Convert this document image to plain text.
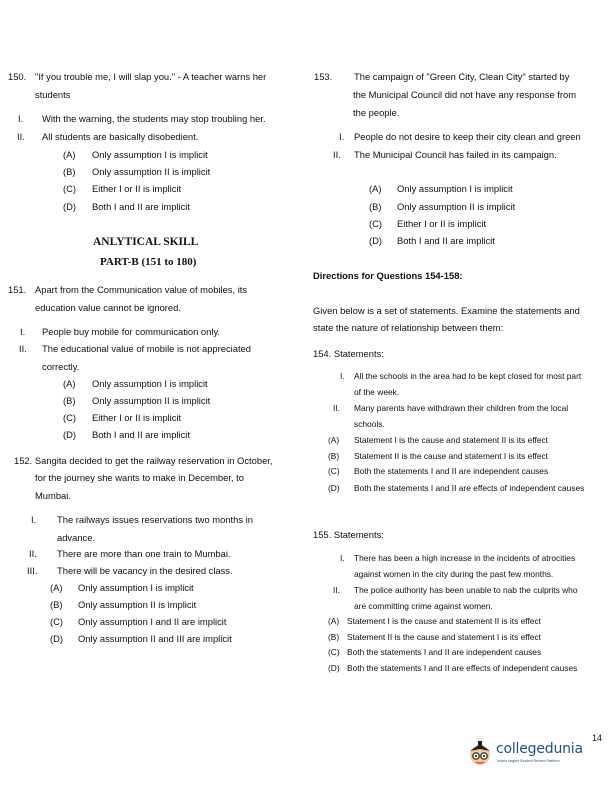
150. "If you trouble me, I will slap you." - A teacher warns her
students
I. With the warning, the students may stop troubling her.
II. All students are basically disobedient.
(A) Only assumption I is implicit
(B) Only assumption II is implicit
(C) Either I or II is implicit
(D) Both I and II are implicit
ANLYTICAL SKILL
PART-B (151 to 180)
151. Apart from the Communication value of mobiles, its
education value cannot be ignored.
I. People buy mobile for communication only.
II. The educational value of mobile is not appreciated
correctly.
(A) Only assumption I is implicit
(B) Only assumption II is implicit
(C) Either I or II is implicit
(D) Both I and II are implicit
152. Sangita decided to get the railway reservation in October,
for the journey she wants to make in December, to
Mumbai.
I. The railways issues reservations two months in
advance.
II. There are more than one train to Mumbai.
III. There will be vacancy in the desired class.
(A) Only assumption I is implicit
(B) Only assumption II is implicit
(C) Only assumption I and II are implicit
(D) Only assumption II and III are implicit
153. The campaign of "Green City, Clean City" started by
the Municipal Council did not have any response from
the people.
I. People do not desire to keep their city clean and green
II. The Municipal Council has failed in its campaign.
(A) Only assumption I is implicit
(B) Only assumption II is implicit
(C) Either I or II is implicit
(D) Both I and II are implicit
Directions for Questions 154-158:
Given below is a set of statements. Examine the statements and
state the nature of relationship between them:
154. Statements:
I. All the schools in the area had to be kept closed for most part
of the week.
II. Many parents have withdrawn their children from the local
schools.
(A) Statement I is the cause and statement II is its effect
(B) Statement II is the cause and statement I is its effect
(C) Both the statements I and II are independent causes
(D) Both the statements I and II are effects of independent causes
155. Statements:
I. There has been a high increase in the incidents of atrocities
against women in the city during the past few months.
II. The police authority has been unable to nab the culprits who
are committing crime against women.
(A) Statement I is the cause and statement II is its effect
(B) Statement II is the cause and statement I is its effect
(C) Both the statements I and II are independent causes
(D) Both the statements I and II are effects of independent causes
collegedunia
India's largest Student Review Platform
14
